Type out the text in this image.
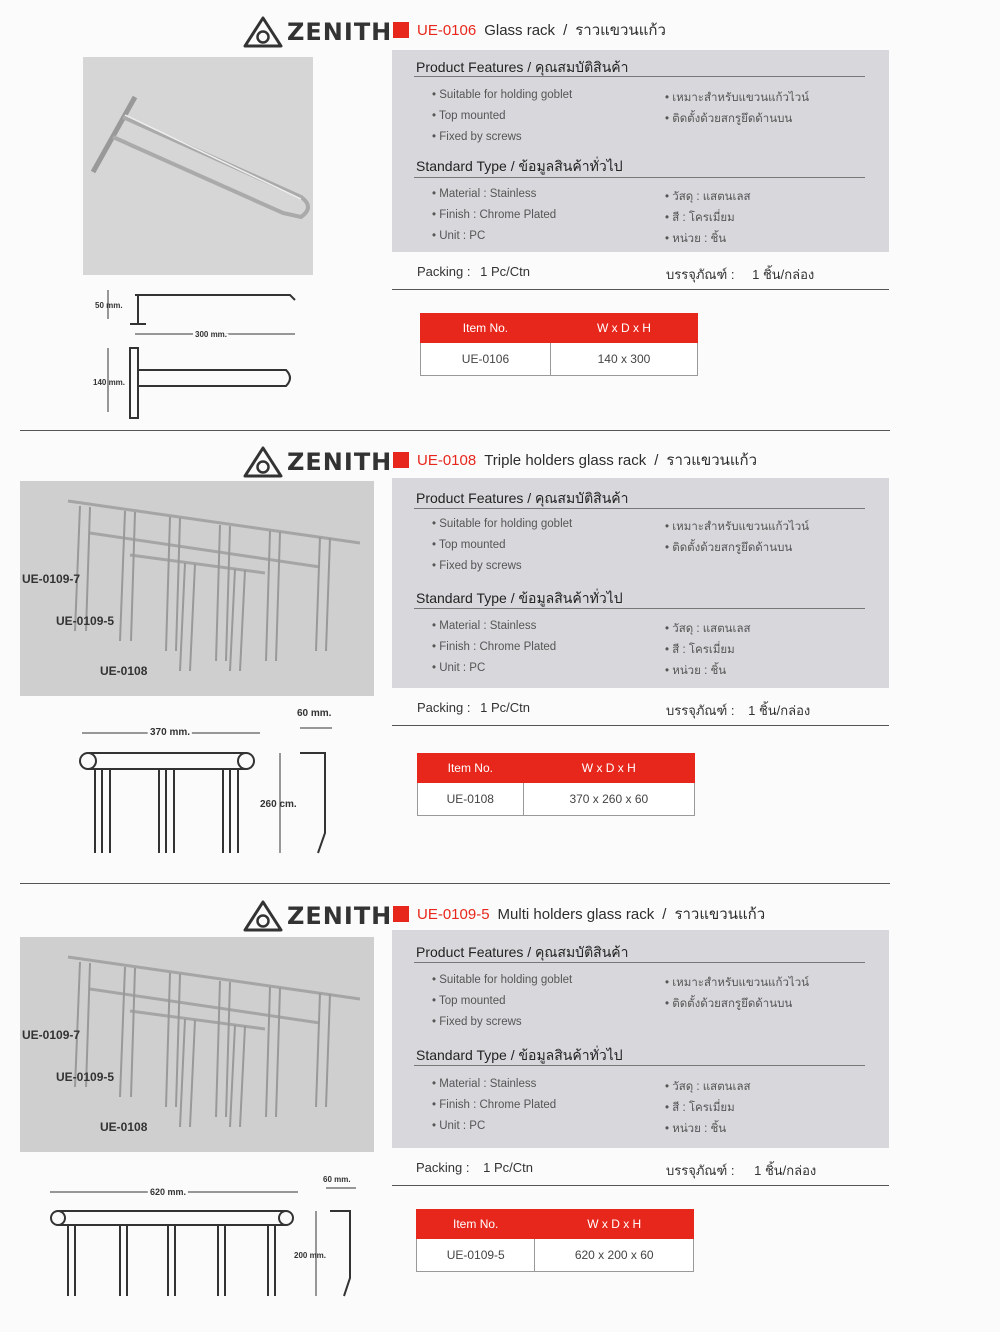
ZENITH UE-0106 Glass rack / ราวแขวนแก้ว
Product Features / คุณสมบัติสินค้า
• Suitable for holding goblet
• Top mounted
• Fixed by screws
• เหมาะสำหรับแขวนแก้วไวน์
• ติดตั้งด้วยสกรูยึดด้านบน
Standard Type / ข้อมูลสินค้าทั่วไป
• Material : Stainless
• Finish : Chrome Plated
• Unit : PC
• วัสดุ : แสตนเลส
• สี : โครเมี่ยม
• หน่วย : ชิ้น
Packing : 1 Pc/Ctn	บรรจุภัณฑ์ : 1 ชิ้น/กล่อง
Item No.	W x D x H
UE-0106	140 x 300
50 mm.
300 mm.
140 mm.
ZENITH UE-0108 Triple holders glass rack / ราวแขวนแก้ว
UE-0109-7
UE-0109-5
UE-0108
Product Features / คุณสมบัติสินค้า
• Suitable for holding goblet
• Top mounted
• Fixed by screws
• เหมาะสำหรับแขวนแก้วไวน์
• ติดตั้งด้วยสกรูยึดด้านบน
Standard Type / ข้อมูลสินค้าทั่วไป
• Material : Stainless
• Finish : Chrome Plated
• Unit : PC
• วัสดุ : แสตนเลส
• สี : โครเมี่ยม
• หน่วย : ชิ้น
Packing : 1 Pc/Ctn	บรรจุภัณฑ์ : 1 ชิ้น/กล่อง
Item No.	W x D x H
UE-0108	370 x 260 x 60
370 mm.
60 mm.
260 cm.
ZENITH UE-0109-5 Multi holders glass rack / ราวแขวนแก้ว
UE-0109-7
UE-0109-5
UE-0108
Product Features / คุณสมบัติสินค้า
• Suitable for holding goblet
• Top mounted
• Fixed by screws
• เหมาะสำหรับแขวนแก้วไวน์
• ติดตั้งด้วยสกรูยึดด้านบน
Standard Type / ข้อมูลสินค้าทั่วไป
• Material : Stainless
• Finish : Chrome Plated
• Unit : PC
• วัสดุ : แสตนเลส
• สี : โครเมี่ยม
• หน่วย : ชิ้น
Packing : 1 Pc/Ctn	บรรจุภัณฑ์ : 1 ชิ้น/กล่อง
Item No.	W x D x H
UE-0109-5	620 x 200 x 60
620 mm.
60 mm.
200 mm.
